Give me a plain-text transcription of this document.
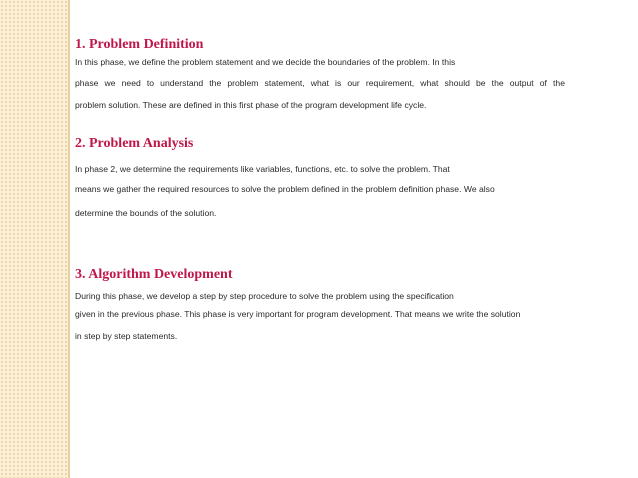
1. Problem Definition
In this phase, we define the problem statement and we decide the boundaries of the problem. In this
phase we need to understand the problem statement, what is our requirement, what should be the output of the
problem solution. These are defined in this first phase of the program development life cycle.
2. Problem Analysis
In phase 2, we determine the requirements like variables, functions, etc. to solve the problem. That
means we gather the required resources to solve the problem defined in the problem definition phase. We also
determine the bounds of the solution.
3. Algorithm Development
During this phase, we develop a step by step procedure to solve the problem using the specification
given in the previous phase. This phase is very important for program development. That means we write the solution
in step by step statements.
